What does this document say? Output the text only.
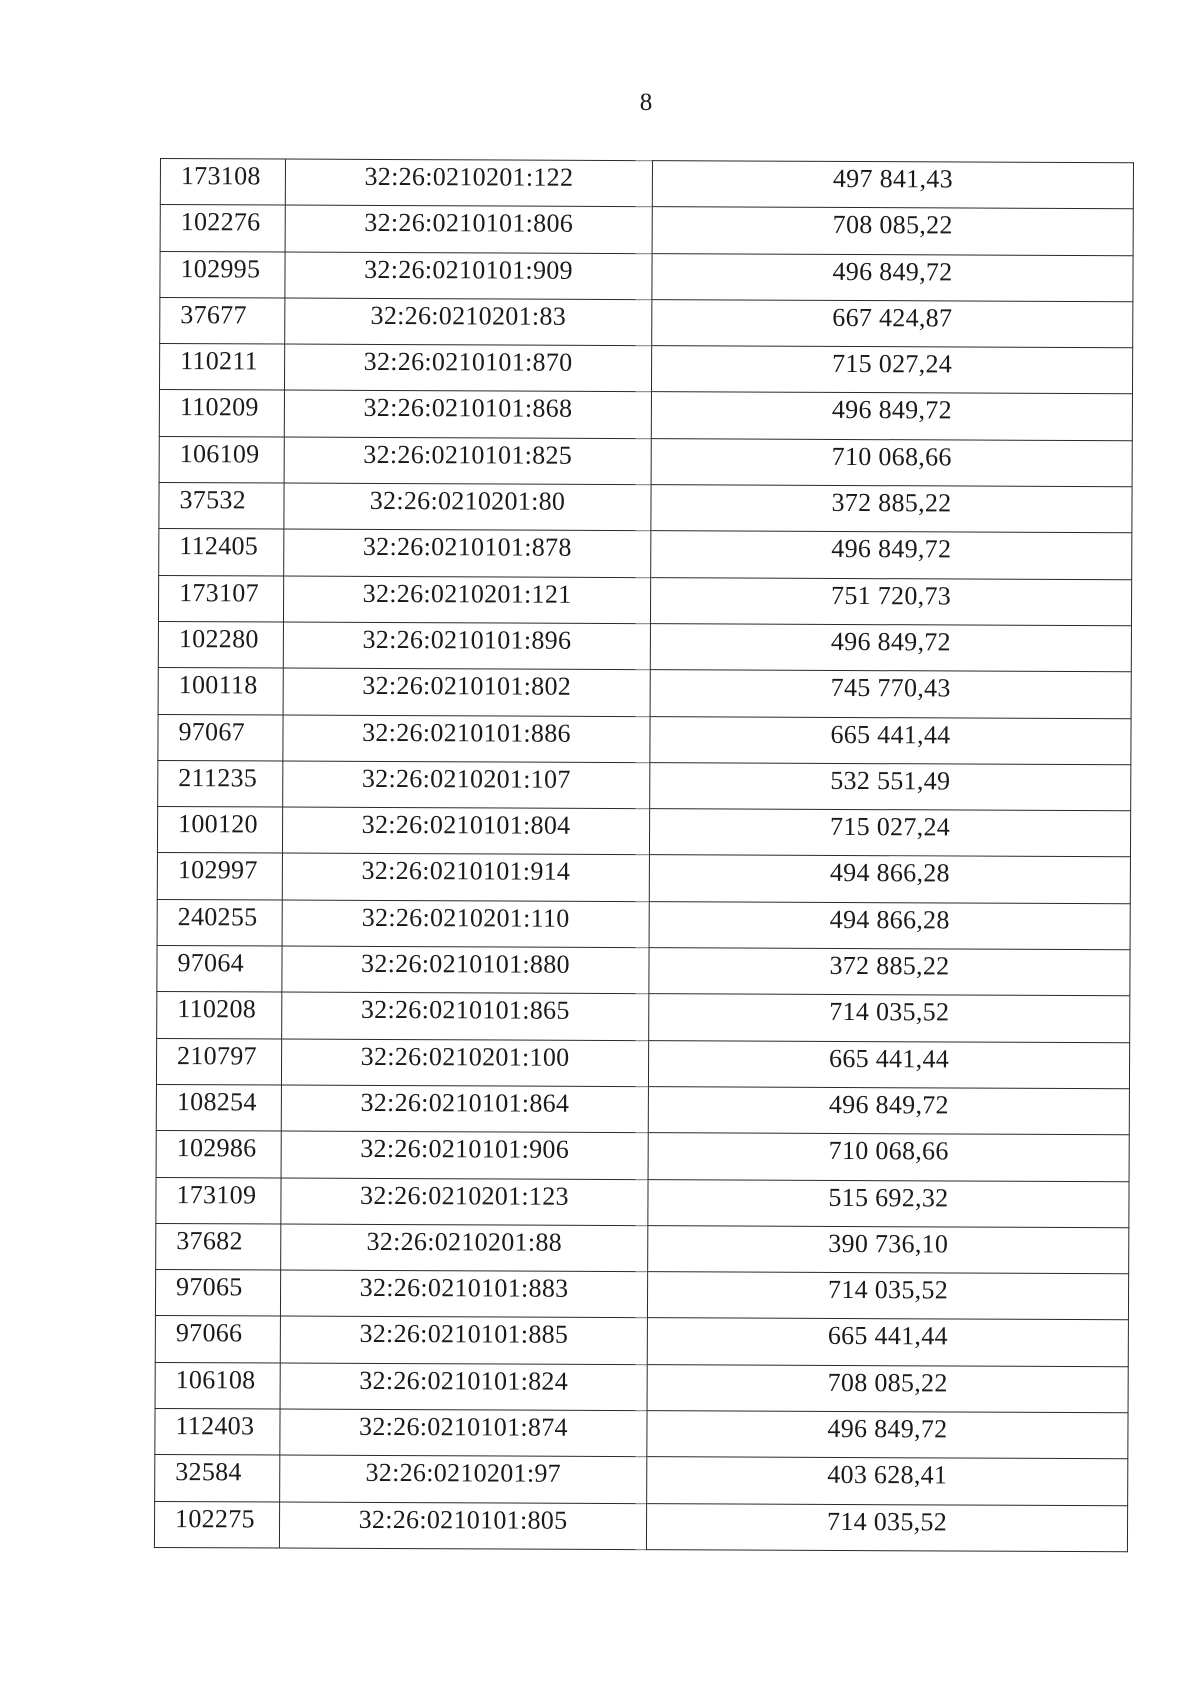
8
173108	32:26:0210201:122	497 841,43
102276	32:26:0210101:806	708 085,22
102995	32:26:0210101:909	496 849,72
37677	32:26:0210201:83	667 424,87
110211	32:26:0210101:870	715 027,24
110209	32:26:0210101:868	496 849,72
106109	32:26:0210101:825	710 068,66
37532	32:26:0210201:80	372 885,22
112405	32:26:0210101:878	496 849,72
173107	32:26:0210201:121	751 720,73
102280	32:26:0210101:896	496 849,72
100118	32:26:0210101:802	745 770,43
97067	32:26:0210101:886	665 441,44
211235	32:26:0210201:107	532 551,49
100120	32:26:0210101:804	715 027,24
102997	32:26:0210101:914	494 866,28
240255	32:26:0210201:110	494 866,28
97064	32:26:0210101:880	372 885,22
110208	32:26:0210101:865	714 035,52
210797	32:26:0210201:100	665 441,44
108254	32:26:0210101:864	496 849,72
102986	32:26:0210101:906	710 068,66
173109	32:26:0210201:123	515 692,32
37682	32:26:0210201:88	390 736,10
97065	32:26:0210101:883	714 035,52
97066	32:26:0210101:885	665 441,44
106108	32:26:0210101:824	708 085,22
112403	32:26:0210101:874	496 849,72
32584	32:26:0210201:97	403 628,41
102275	32:26:0210101:805	714 035,52
